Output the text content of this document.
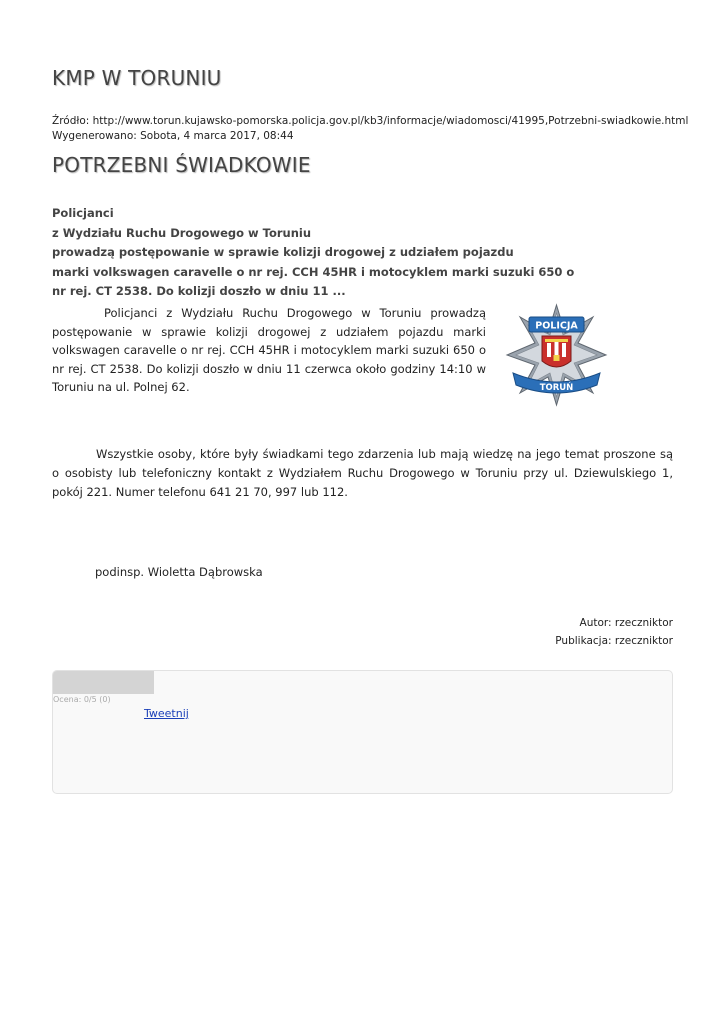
KMP W TORUNIU
Źródło: http://www.torun.kujawsko-pomorska.policja.gov.pl/kb3/informacje/wiadomosci/41995,Potrzebni-swiadkowie.html
Wygenerowano: Sobota, 4 marca 2017, 08:44
POTRZEBNI ŚWIADKOWIE
Policjanci
z Wydziału Ruchu Drogowego w Toruniu
prowadzą postępowanie w sprawie kolizji drogowej z udziałem pojazdu
marki volkswagen caravelle o nr rej. CCH 45HR i motocyklem marki suzuki 650 o
nr rej. CT 2538. Do kolizji doszło w dniu 11 ...
Policjanci z Wydziału Ruchu Drogowego w Toruniu prowadzą postępowanie w sprawie kolizji drogowej z udziałem pojazdu marki volkswagen caravelle o nr rej. CCH 45HR i motocyklem marki suzuki 650 o nr rej. CT 2538. Do kolizji doszło w dniu 11 czerwca około godziny 14:10 w Toruniu na ul. Polnej 62.
POLICJA
TORUŃ
Wszystkie osoby, które były świadkami tego zdarzenia lub mają wiedzę na jego temat proszone są o osobisty lub telefoniczny kontakt z Wydziałem Ruchu Drogowego w Toruniu przy ul. Dziewulskiego 1, pokój 221. Numer telefonu 641 21 70, 997 lub 112.
podinsp. Wioletta Dąbrowska
Autor: rzeczniktor
Publikacja: rzeczniktor
Ocena: 0/5 (0)
Tweetnij
